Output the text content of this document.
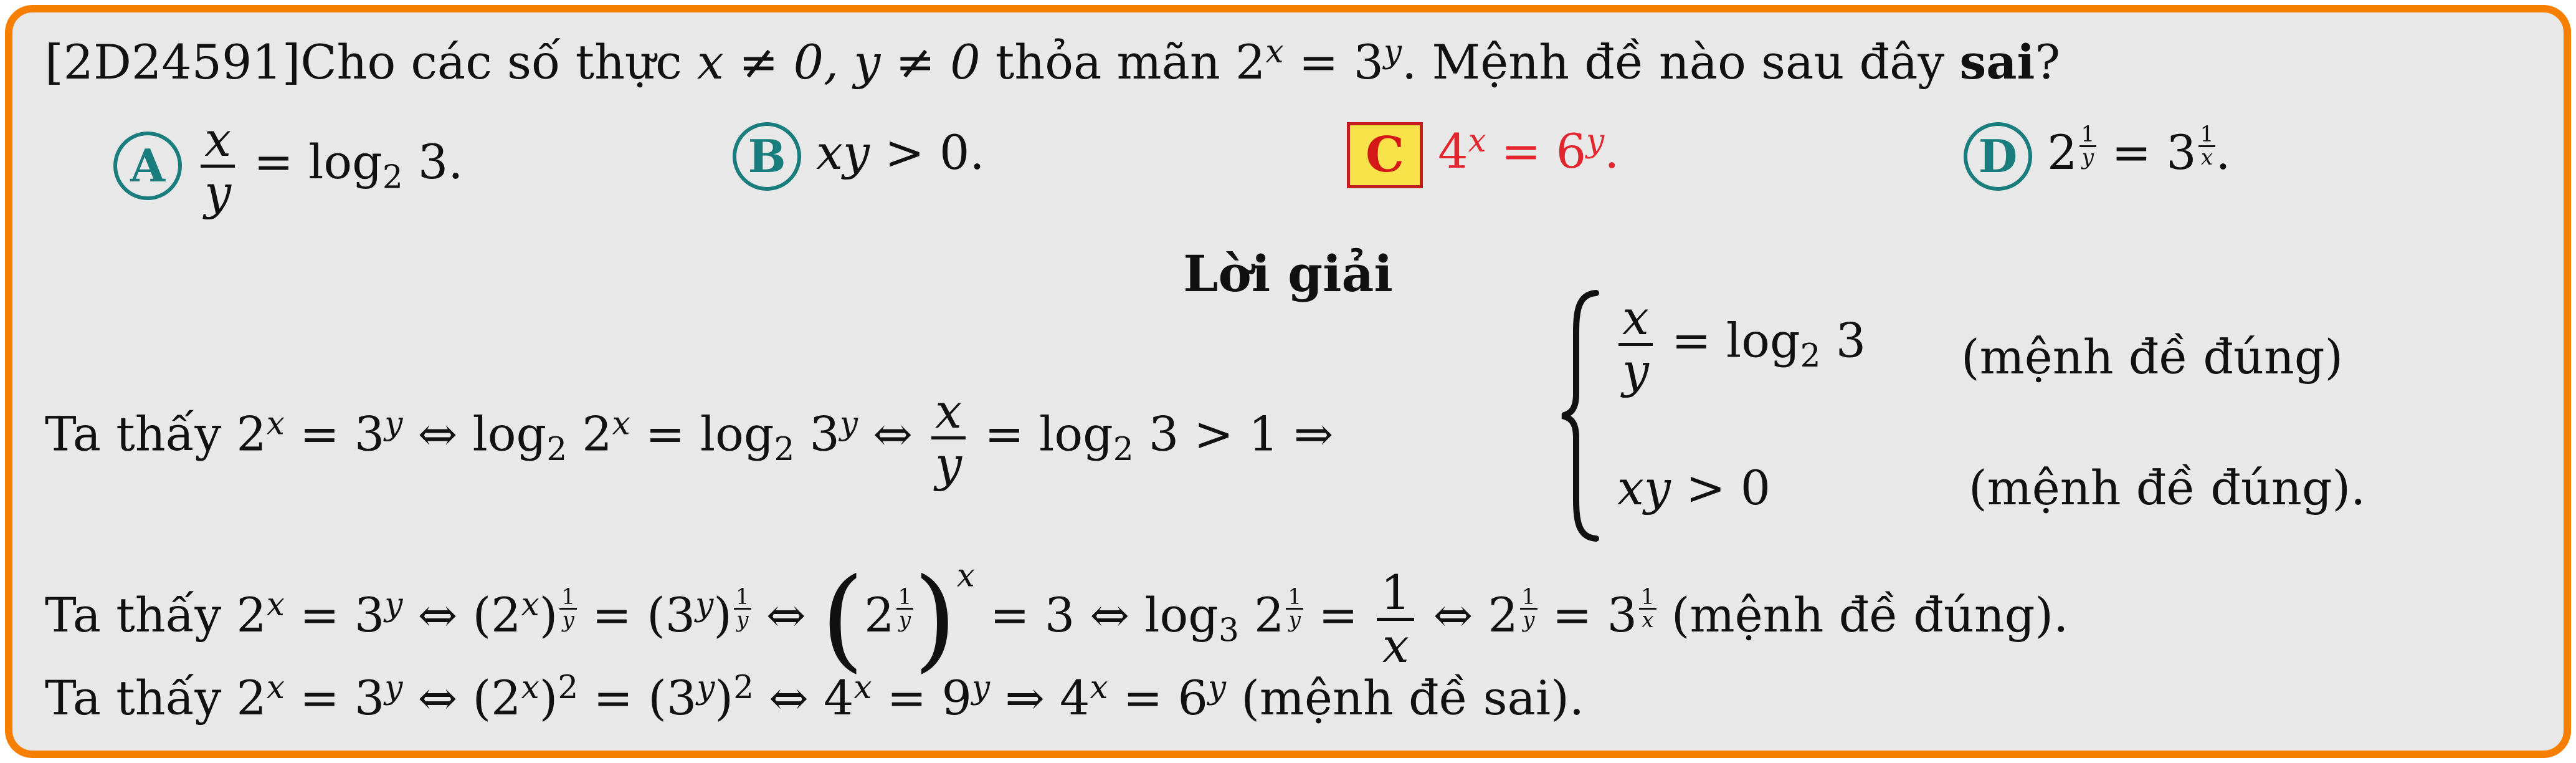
[2D24591]Cho các số thực x ≠ 0, y ≠ 0 thỏa mãn $2^x = 3^y$. Mệnh đề nào sau đây sai?
A $\frac{x}{y} = \log_2 3$.	B xy > 0.	C $4^x = 6^y$.	D $2 \frac{1}{y} = 3 \frac{1}{x}$ .
Lời giải
Ta thấy $2^x = 3^y$ ⇔ $\log_2 2^x = \log_2 3^y$ ⇔ $\frac{x}{y} = \log_2 3 > 1$ ⇒
$\frac{x}{y} = \log_2 3$ (mệnh đề đúng)
xy > 0	(mệnh đề đúng).
Ta thấy $2^x = 3^y$ ⇔ $(2^x) \frac{1}{y} = (3^y) \frac{1}{y}$ ⇔ $(2 \frac{1}{y} )^x = 3$ ⇔ $\log_3 2 \frac{1}{y} = \frac{1}{x}$ ⇔ $2 \frac{1}{y} = 3 \frac{1}{x}$ (mệnh đề đúng).
Ta thấy $2^x = 3^y$ ⇔ $(2^x)^2 = (3^y)^2$ ⇔ $4^x = 9^y$ ⇒ $4^x = 6^y$ (mệnh đề sai).
